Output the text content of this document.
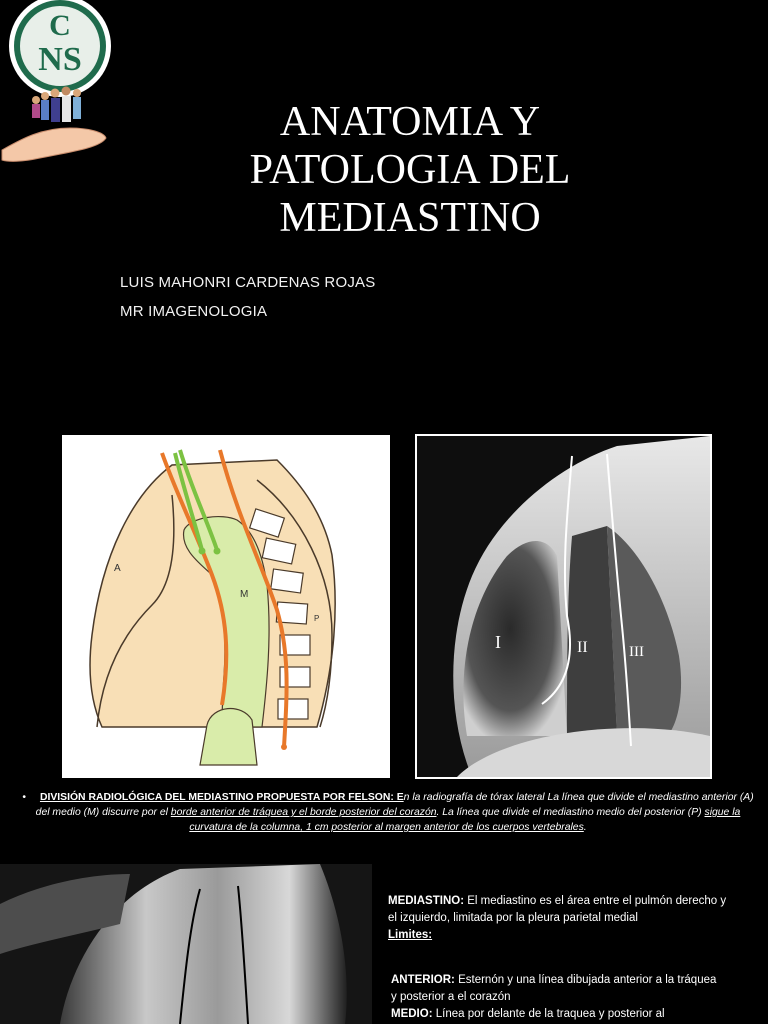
C
NS
ANATOMIA Y
PATOLOGIA DEL
MEDIASTINO
LUIS MAHONRI CARDENAS ROJAS
MR IMAGENOLOGIA
A
M
P
I	II	III
• DIVISIÓN RADIOLÓGICA DEL MEDIASTINO PROPUESTA POR FELSON: En la radiografía de tórax lateral La línea que divide el mediastino anterior (A) del medio (M) discurre por el borde anterior de tráquea y el borde posterior del corazón. La línea que divide el mediastino medio del posterior (P) sigue la curvatura de la columna, 1 cm posterior al margen anterior de los cuerpos vertebrales.
MEDIASTINO: El mediastino es el área entre el pulmón derecho y el izquierdo, limitada por la pleura parietal medial
Limites:
ANTERIOR: Esternón y una línea dibujada anterior a la tráquea y posterior a el corazón
MEDIO: Línea por delante de la traquea y posterior al
